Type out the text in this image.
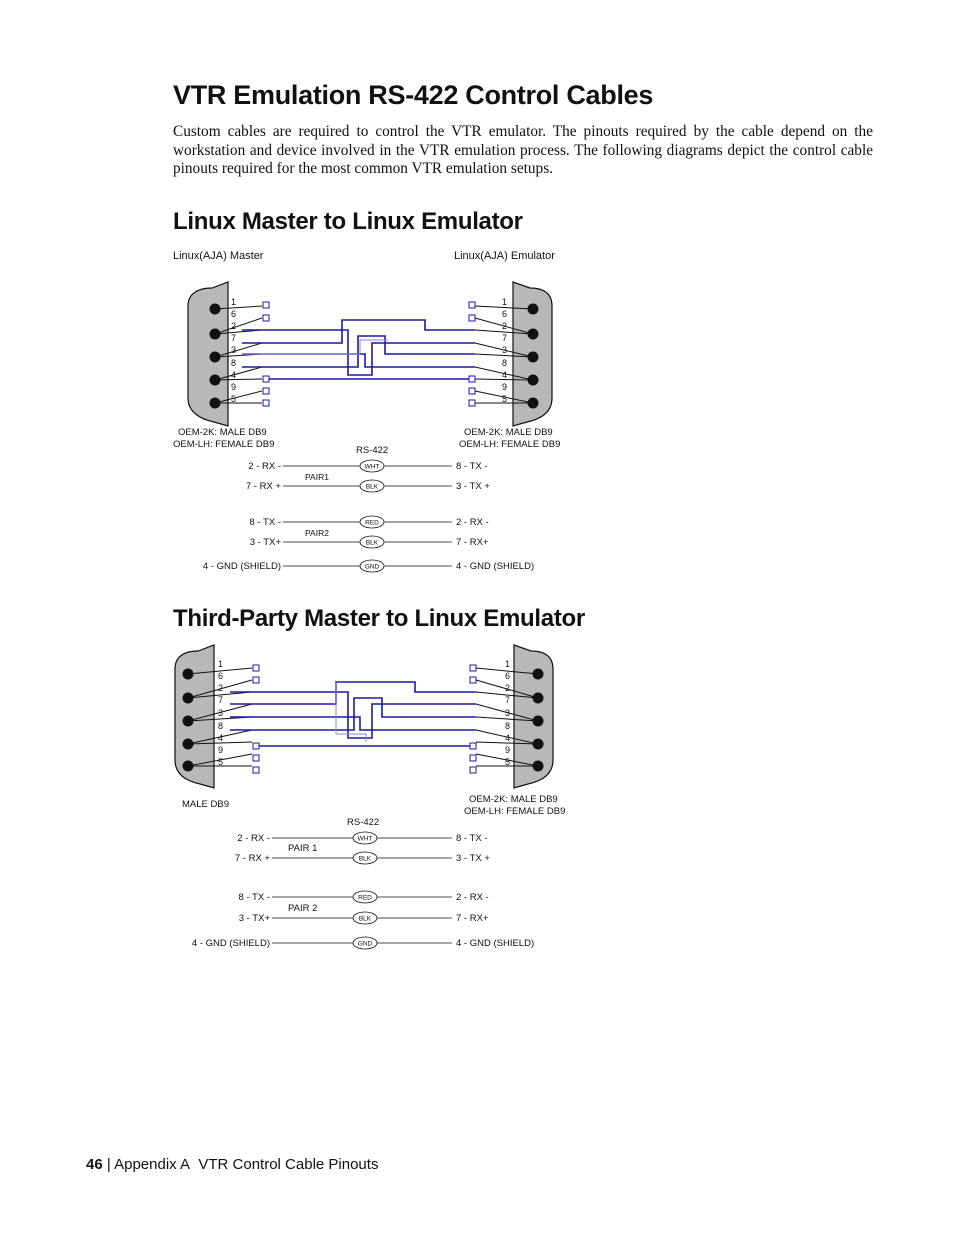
VTR Emulation RS-422 Control Cables

Custom cables are required to control the VTR emulator. The pinouts required by the cable depend on the workstation and device involved in the VTR emulation process. The following diagrams depict the control cable pinouts required for the most common VTR emulation setups.

Linux Master to Linux Emulator
Linux(AJA) Master	Linux(AJA) Emulator
1
6
2
7
3
8
4
9
5
1
6
2
7
3
8
4
9
5
OEM-2K: MALE DB9
OEM-LH: FEMALE DB9
OEM-2K: MALE DB9
OEM-LH: FEMALE DB9
RS-422
WHT
BLK
RED
BLK
GND
2 - RX -
7 - RX +
8 - TX -
3 - TX+
4 - GND (SHIELD)
8 - TX -
3 - TX +
2 - RX -
7 - RX+
4 - GND (SHIELD)
PAIR1
PAIR2
Third-Party Master to Linux Emulator
1
6
2
7
3
8
4
9
5
1
6
2
7
3
8
4
9
5
MALE DB9	OEM-2K: MALE DB9
OEM-LH: FEMALE DB9
RS-422
WHT
BLK
RED
BLK
GND
2 - RX -
7 - RX +
8 - TX -
3 - TX+
4 - GND (SHIELD)
8 - TX -
3 - TX +
2 - RX -
7 - RX+
4 - GND (SHIELD)
PAIR 1
PAIR 2

46 | Appendix A VTR Control Cable Pinouts
